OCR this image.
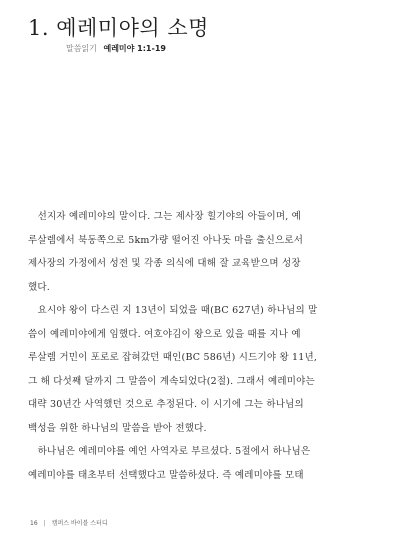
1. 예레미야의 소명
말씀읽기 예레미야 1:1-19
선지자 예레미야의 말이다. 그는 제사장 힐기야의 아들이며, 예
루살렘에서 북동쪽으로 5km가량 떨어진 아나돗 마을 출신으로서
제사장의 가정에서 성전 및 각종 의식에 대해 잘 교육받으며 성장
했다.
요시야 왕이 다스린 지 13년이 되었을 때(BC 627년) 하나님의 말
씀이 예레미야에게 임했다. 여호야김이 왕으로 있을 때를 지나 예
루살렘 거민이 포로로 잡혀갔던 때인(BC 586년) 시드기야 왕 11년,
그 해 다섯째 달까지 그 말씀이 계속되었다(2절). 그래서 예레미야는
대략 30년간 사역했던 것으로 추정된다. 이 시기에 그는 하나님의
백성을 위한 하나님의 말씀을 받아 전했다.
하나님은 예레미야를 예언 사역자로 부르셨다. 5절에서 하나님은
예레미야를 태초부터 선택했다고 말씀하셨다. 즉 예레미야를 모태
16 | 캠퍼스 바이블 스터디
